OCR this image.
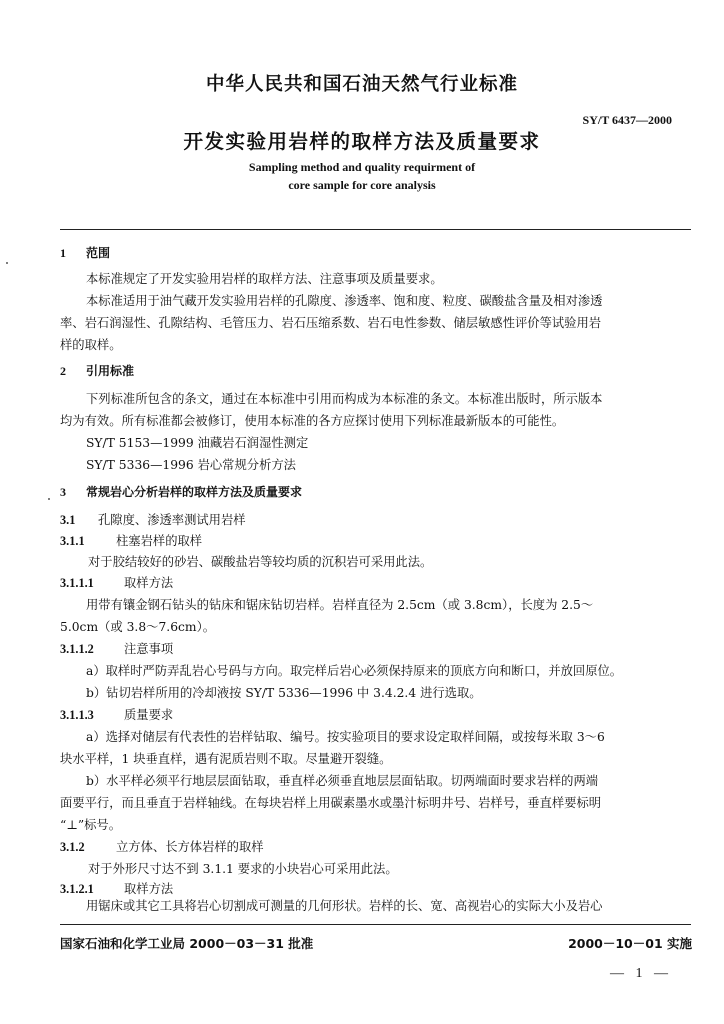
中华人民共和国石油天然气行业标准
SY/T 6437—2000
开发实验用岩样的取样方法及质量要求
Sampling method and quality requirment of
core sample for core analysis
1 范围
本标准规定了开发实验用岩样的取样方法、注意事项及质量要求。
本标准适用于油气藏开发实验用岩样的孔隙度、渗透率、饱和度、粒度、碳酸盐含量及相对渗透
率、岩石润湿性、孔隙结构、毛管压力、岩石压缩系数、岩石电性参数、储层敏感性评价等试验用岩
样的取样。
2 引用标准
下列标准所包含的条文，通过在本标准中引用而构成为本标准的条文。本标准出版时，所示版本
均为有效。所有标准都会被修订，使用本标准的各方应探讨使用下列标准最新版本的可能性。
SY/T 5153—1999 油藏岩石润湿性测定
SY/T 5336—1996 岩心常规分析方法
3 常规岩心分析岩样的取样方法及质量要求
3.1 孔隙度、渗透率测试用岩样
3.1.1	柱塞岩样的取样
对于胶结较好的砂岩、碳酸盐岩等较均质的沉积岩可采用此法。
3.1.1.1 取样方法
用带有镶金钢石钻头的钻床和锯床钻切岩样。岩样直径为 2.5cm（或 3.8cm），长度为 2.5～
5.0cm（或 3.8～7.6cm）。
3.1.1.2 注意事项
a）取样时严防弄乱岩心号码与方向。取完样后岩心必须保持原来的顶底方向和断口，并放回原位。
b）钻切岩样所用的冷却液按 SY/T 5336—1996 中 3.4.2.4 进行选取。
3.1.1.3 质量要求
a）选择对储层有代表性的岩样钻取、编号。按实验项目的要求设定取样间隔，或按每米取 3～6
块水平样，1 块垂直样，遇有泥质岩则不取。尽量避开裂缝。
b）水平样必须平行地层层面钻取，垂直样必须垂直地层层面钻取。切两端面时要求岩样的两端
面要平行，而且垂直于岩样轴线。在每块岩样上用碳素墨水或墨汁标明井号、岩样号，垂直样要标明
“⊥”标号。
3.1.2	立方体、长方体岩样的取样
对于外形尺寸达不到 3.1.1 要求的小块岩心可采用此法。
3.1.2.1 取样方法
用锯床或其它工具将岩心切割成可测量的几何形状。岩样的长、宽、高视岩心的实际大小及岩心
国家石油和化学工业局 2000－03－31 批准	2000－10－01 实施
— 1 —
